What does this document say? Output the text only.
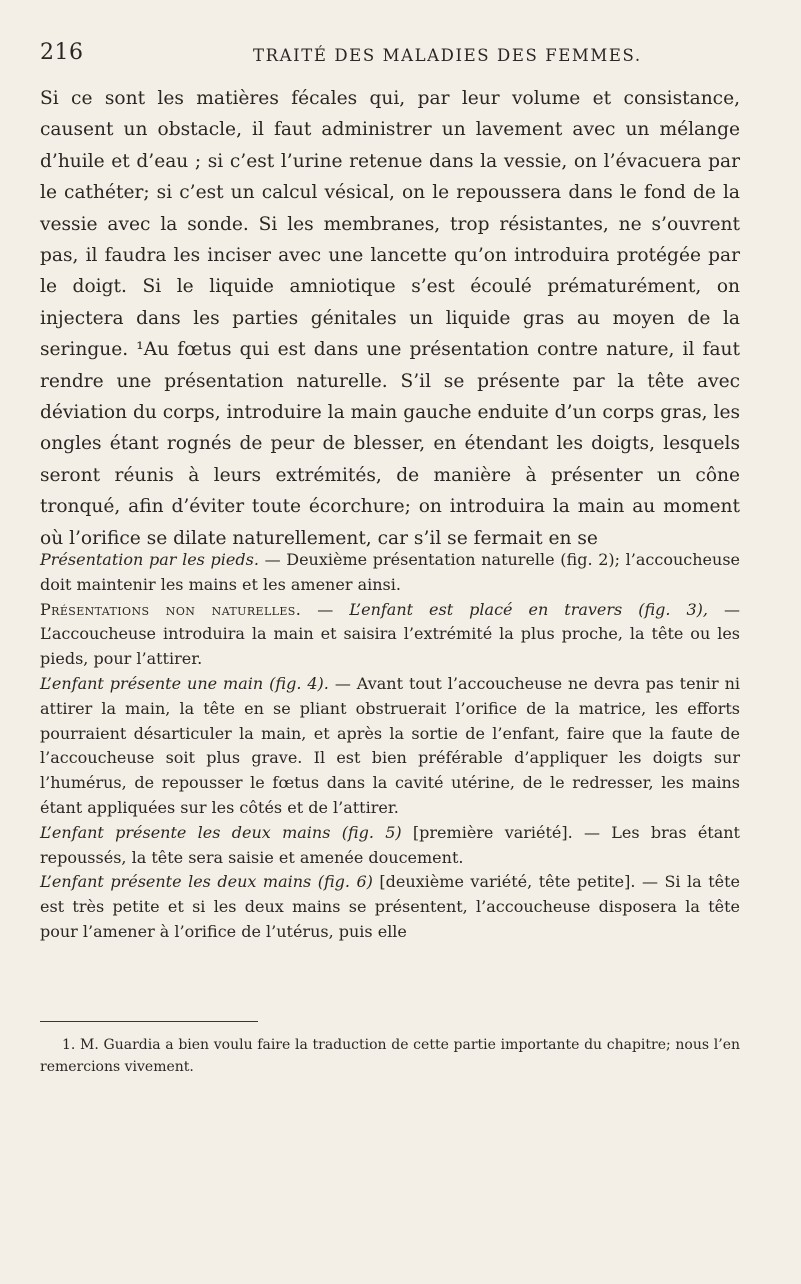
216	TRAITÉ DES MALADIES DES FEMMES.

Si ce sont les matières fécales qui, par leur volume et consistance, causent un obstacle, il faut administrer un lavement avec un mélange d’huile et d’eau ; si c’est l’urine retenue dans la vessie, on l’évacuera par le cathéter; si c’est un calcul vésical, on le repoussera dans le fond de la vessie avec la sonde. Si les membranes, trop résistantes, ne s’ouvrent pas, il faudra les inciser avec une lancette qu’on introduira protégée par le doigt. Si le liquide amniotique s’est écoulé prématurément, on injectera dans les parties génitales un liquide gras au moyen de la seringue. ¹Au fœtus qui est dans une présentation contre nature, il faut rendre une présentation naturelle. S’il se présente par la tête avec déviation du corps, introduire la main gauche enduite d’un corps gras, les ongles étant rognés de peur de blesser, en étendant les doigts, lesquels seront réunis à leurs extrémités, de manière à présenter un cône tronqué, afin d’éviter toute écorchure; on introduira la main au moment où l’orifice se dilate naturellement, car s’il se fermait en se

Présentation par les pieds. — Deuxième présentation naturelle (fig. 2); l’accoucheuse doit maintenir les mains et les amener ainsi.

Présentations non naturelles. — L’enfant est placé en travers (fig. 3), — L’accoucheuse introduira la main et saisira l’extrémité la plus proche, la tête ou les pieds, pour l’attirer.

L’enfant présente une main (fig. 4). — Avant tout l’accoucheuse ne devra pas tenir ni attirer la main, la tête en se pliant obstruerait l’orifice de la matrice, les efforts pourraient désarticuler la main, et après la sortie de l’enfant, faire que la faute de l’accoucheuse soit plus grave. Il est bien préférable d’appliquer les doigts sur l’humérus, de repousser le fœtus dans la cavité utérine, de le redresser, les mains étant appliquées sur les côtés et de l’attirer.

L’enfant présente les deux mains (fig. 5) [première variété]. — Les bras étant repoussés, la tête sera saisie et amenée doucement.

L’enfant présente les deux mains (fig. 6) [deuxième variété, tête petite]. — Si la tête est très petite et si les deux mains se présentent, l’accoucheuse disposera la tête pour l’amener à l’orifice de l’utérus, puis elle

1. M. Guardia a bien voulu faire la traduction de cette partie importante du chapitre; nous l’en remercions vivement.
